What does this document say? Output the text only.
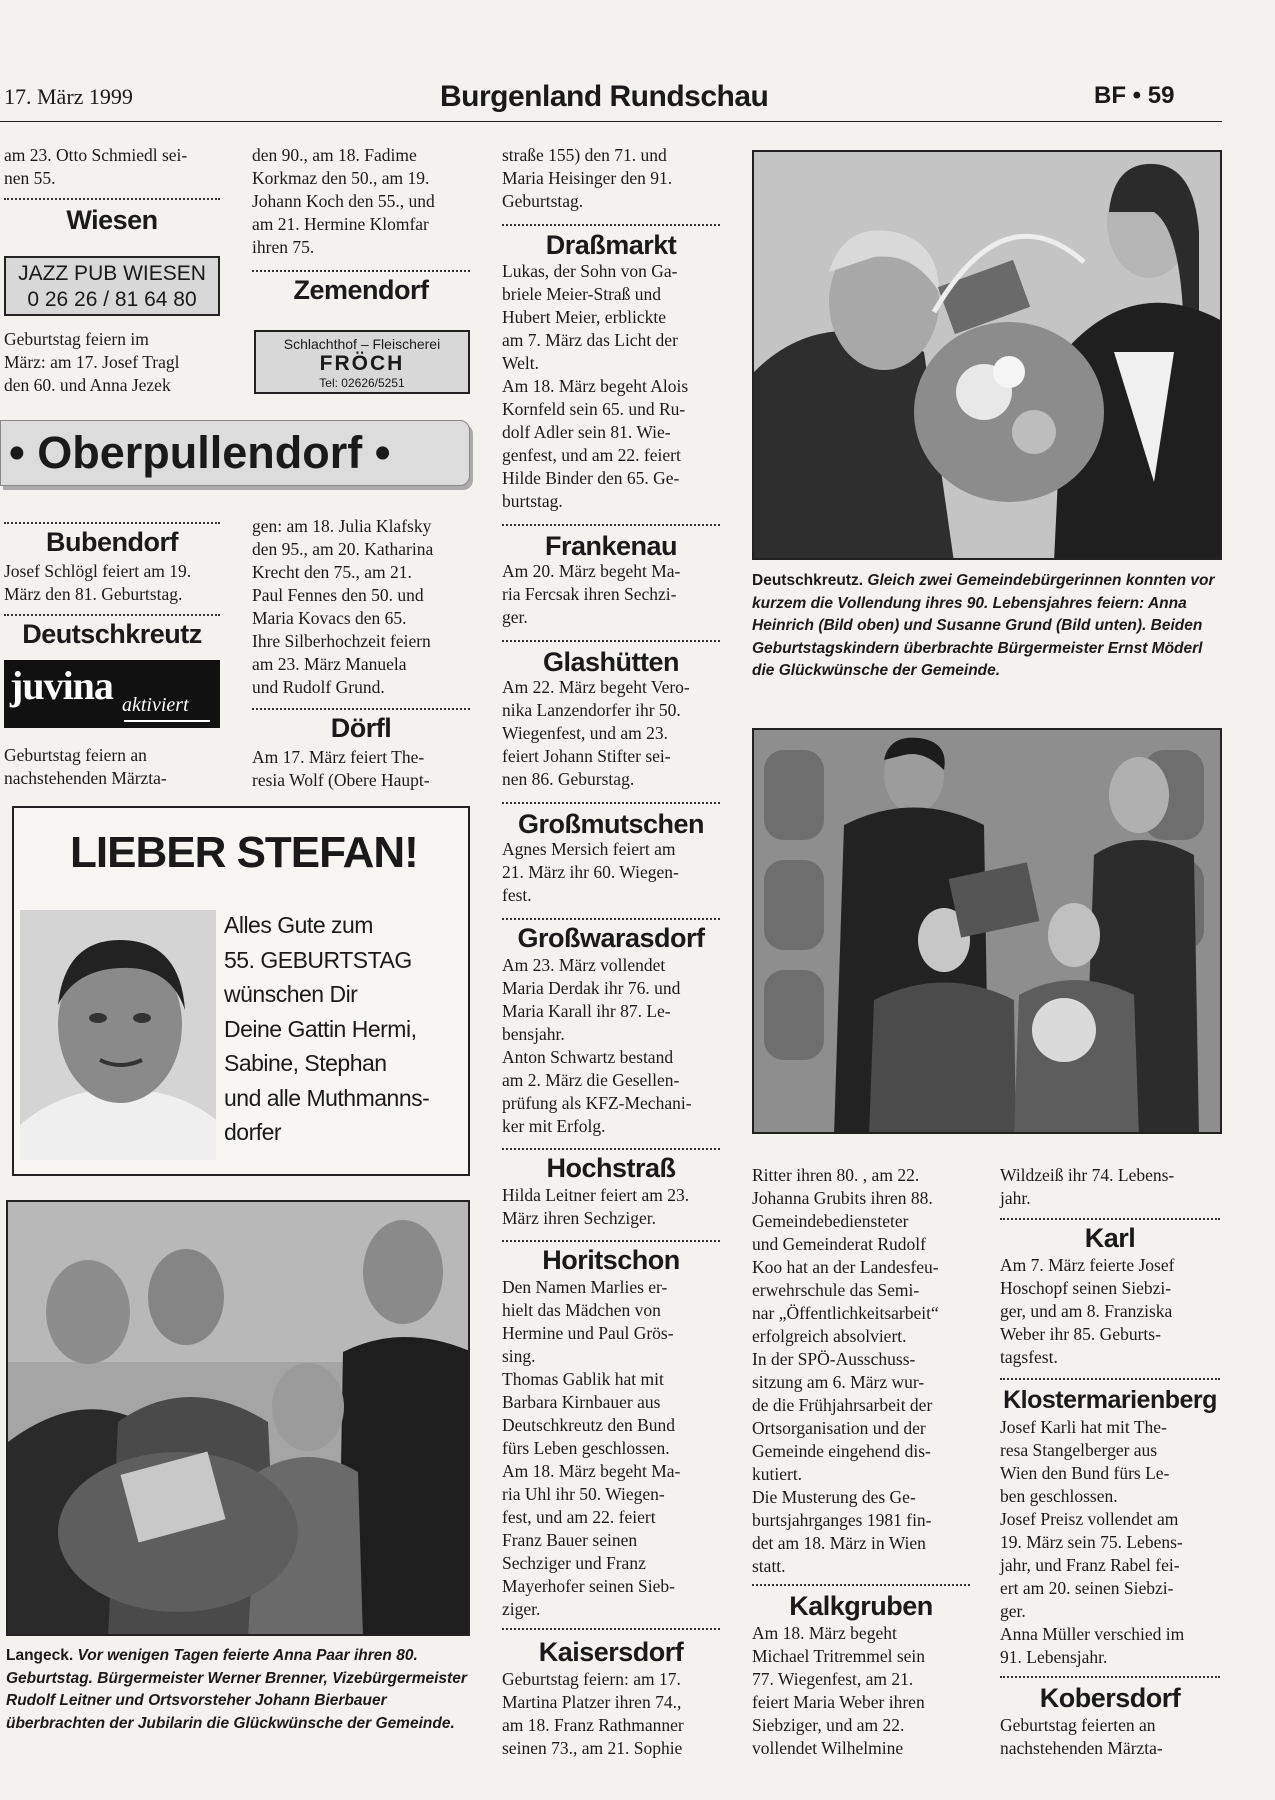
17. März 1999	Burgenland Rundschau	BF • 59
am 23. Otto Schmiedl sei-
nen 55.
Wiesen
JAZZ PUB WIESEN
0 26 26 / 81 64 80
Geburtstag feiern im
März: am 17. Josef Tragl
den 60. und Anna Jezek
den 90., am 18. Fadime
Korkmaz den 50., am 19.
Johann Koch den 55., und
am 21. Hermine Klomfar
ihren 75.
Zemendorf
Schlachthof – Fleischerei
FRÖCH
Tel: 02626/5251
• Oberpullendorf •
Bubendorf
Josef Schlögl feiert am 19.
März den 81. Geburtstag.
Deutschkreutz
juvina aktiviert
Geburtstag feiern an
nachstehenden Märzta-
gen: am 18. Julia Klafsky
den 95., am 20. Katharina
Krecht den 75., am 21.
Paul Fennes den 50. und
Maria Kovacs den 65.
Ihre Silberhochzeit feiern
am 23. März Manuela
und Rudolf Grund.
Dörfl
Am 17. März feiert The-
resia Wolf (Obere Haupt-
LIEBER STEFAN!
Alles Gute zum
55. GEBURTSTAG
wünschen Dir
Deine Gattin Hermi,
Sabine, Stephan
und alle Muthmanns-
dorfer
Langeck. Vor wenigen Tagen feierte Anna Paar ihren 80. Geburtstag. Bürgermeister Werner Brenner, Vizebürgermeister Rudolf Leitner und Ortsvorsteher Johann Bierbauer überbrachten der Jubilarin die Glückwünsche der Gemeinde.
straße 155) den 71. und
Maria Heisinger den 91.
Geburtstag.
Draßmarkt
Lukas, der Sohn von Ga-
briele Meier-Straß und
Hubert Meier, erblickte
am 7. März das Licht der
Welt.
Am 18. März begeht Alois
Kornfeld sein 65. und Ru-
dolf Adler sein 81. Wie-
genfest, und am 22. feiert
Hilde Binder den 65. Ge-
burtstag.
Frankenau
Am 20. März begeht Ma-
ria Fercsak ihren Sechzi-
ger.
Glashütten
Am 22. März begeht Vero-
nika Lanzendorfer ihr 50.
Wiegenfest, und am 23.
feiert Johann Stifter sei-
nen 86. Geburstag.
Großmutschen
Agnes Mersich feiert am
21. März ihr 60. Wiegen-
fest.
Großwarasdorf
Am 23. März vollendet
Maria Derdak ihr 76. und
Maria Karall ihr 87. Le-
bensjahr.
Anton Schwartz bestand
am 2. März die Gesellen-
prüfung als KFZ-Mechani-
ker mit Erfolg.
Hochstraß
Hilda Leitner feiert am 23.
März ihren Sechziger.
Horitschon
Den Namen Marlies er-
hielt das Mädchen von
Hermine und Paul Grös-
sing.
Thomas Gablik hat mit
Barbara Kirnbauer aus
Deutschkreutz den Bund
fürs Leben geschlossen.
Am 18. März begeht Ma-
ria Uhl ihr 50. Wiegen-
fest, und am 22. feiert
Franz Bauer seinen
Sechziger und Franz
Mayerhofer seinen Sieb-
ziger.
Kaisersdorf
Geburtstag feiern: am 17.
Martina Platzer ihren 74.,
am 18. Franz Rathmanner
seinen 73., am 21. Sophie
Deutschkreutz. Gleich zwei Gemeindebürgerinnen konnten vor kurzem die Vollendung ihres 90. Lebensjahres feiern: Anna Heinrich (Bild oben) und Susanne Grund (Bild unten). Beiden Geburtstagskindern überbrachte Bürgermeister Ernst Möderl die Glückwünsche der Gemeinde.
Ritter ihren 80. , am 22.
Johanna Grubits ihren 88.
Gemeindebediensteter
und Gemeinderat Rudolf
Koo hat an der Landesfeu-
erwehrschule das Semi-
nar „Öffentlichkeitsarbeit“
erfolgreich absolviert.
In der SPÖ-Ausschuss-
sitzung am 6. März wur-
de die Frühjahrsarbeit der
Ortsorganisation und der
Gemeinde eingehend dis-
kutiert.
Die Musterung des Ge-
burtsjahrganges 1981 fin-
det am 18. März in Wien
statt.
Kalkgruben
Am 18. März begeht
Michael Tritremmel sein
77. Wiegenfest, am 21.
feiert Maria Weber ihren
Siebziger, und am 22.
vollendet Wilhelmine
Wildzeiß ihr 74. Lebens-
jahr.
Karl
Am 7. März feierte Josef
Hoschopf seinen Siebzi-
ger, und am 8. Franziska
Weber ihr 85. Geburts-
tagsfest.
Klostermarienberg
Josef Karli hat mit The-
resa Stangelberger aus
Wien den Bund fürs Le-
ben geschlossen.
Josef Preisz vollendet am
19. März sein 75. Lebens-
jahr, und Franz Rabel fei-
ert am 20. seinen Siebzi-
ger.
Anna Müller verschied im
91. Lebensjahr.
Kobersdorf
Geburtstag feierten an
nachstehenden Märzta-
